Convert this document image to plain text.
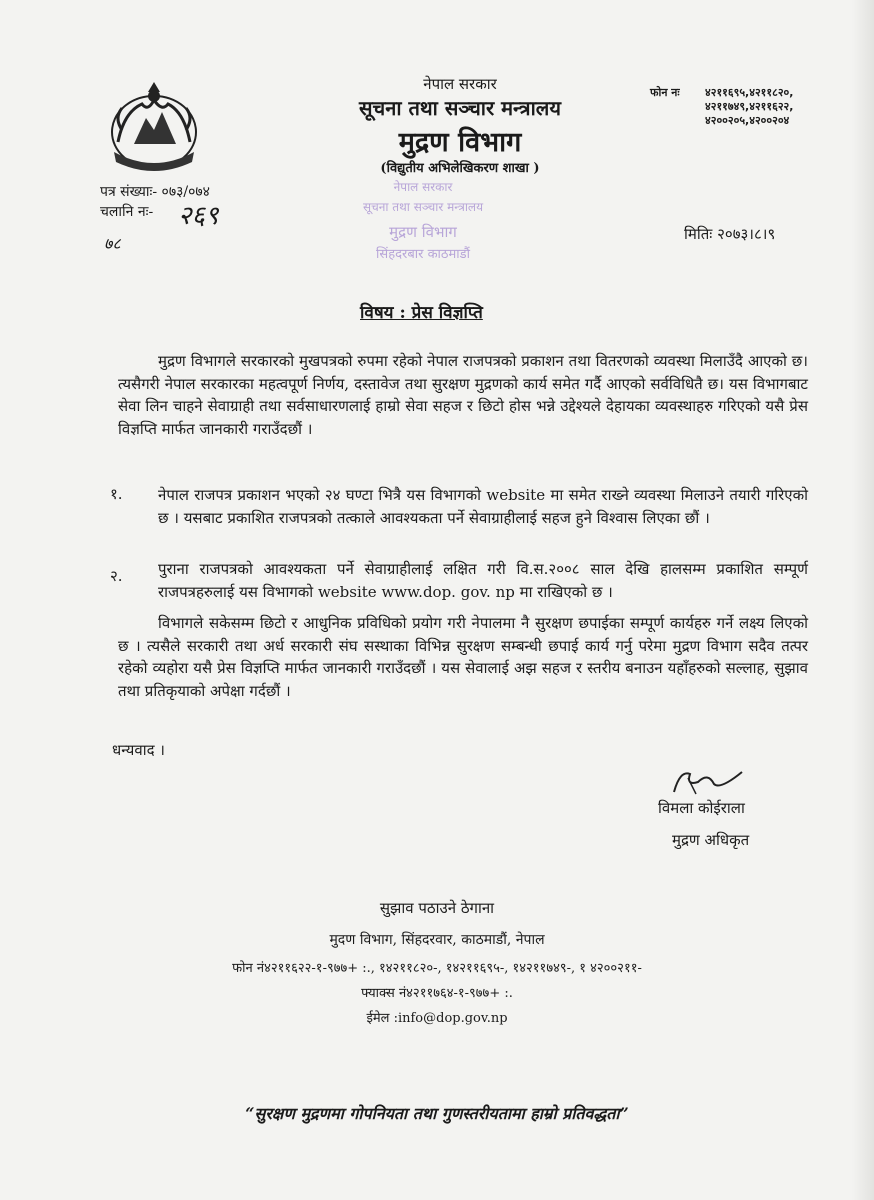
नेपाल सरकार
सूचना तथा सञ्चार मन्त्रालय
मुद्रण विभाग
(विद्युतीय अभिलेखिकरण शाखा )
फोन नः ४२११६९५,४२११८२०,
४२११७४९,४२११६२२,
४२००२०५,४२००२०४
पत्र संख्याः- ०७३/०७४
चलानि नः- २६९
७८
नेपाल सरकार
सूचना तथा सञ्चार मन्त्रालय
मुद्रण विभाग
सिंहदरबार काठमाडौं
मितिः २०७३।८।९
विषय : प्रेस विज्ञप्ति
मुद्रण विभागले सरकारको मुखपत्रको रुपमा रहेको नेपाल राजपत्रको प्रकाशन तथा वितरणको व्यवस्था मिलाउँदै आएको छ। त्यसैगरी नेपाल सरकारका महत्वपूर्ण निर्णय, दस्तावेज तथा सुरक्षण मुद्रणको कार्य समेत गर्दै आएको सर्वविधितै छ। यस विभागबाट सेवा लिन चाहने सेवाग्राही तथा सर्वसाधारणलाई हाम्रो सेवा सहज र छिटो होस भन्ने उद्देश्यले देहायका व्यवस्थाहरु गरिएको यसै प्रेस विज्ञप्ति मार्फत जानकारी गराउँदछौं ।
१. नेपाल राजपत्र प्रकाशन भएको २४ घण्टा भित्रै यस विभागको website मा समेत राख्ने व्यवस्था मिलाउने तयारी गरिएको छ । यसबाट प्रकाशित राजपत्रको तत्काले आवश्यकता पर्ने सेवाग्राहीलाई सहज हुने विश्वास लिएका छौं ।
२. पुराना राजपत्रको आवश्यकता पर्ने सेवाग्राहीलाई लक्षित गरी वि.स.२००८ साल देखि हालसम्म प्रकाशित सम्पूर्ण राजपत्रहरुलाई यस विभागको website www.dop. gov. np मा राखिएको छ ।
विभागले सकेसम्म छिटो र आधुनिक प्रविधिको प्रयोग गरी नेपालमा नै सुरक्षण छपाईका सम्पूर्ण कार्यहरु गर्ने लक्ष्य लिएको छ । त्यसैले सरकारी तथा अर्ध सरकारी संघ सस्थाका विभिन्न सुरक्षण सम्बन्धी छपाई कार्य गर्नु परेमा मुद्रण विभाग सदैव तत्पर रहेको व्यहोरा यसै प्रेस विज्ञप्ति मार्फत जानकारी गराउँदछौं । यस सेवालाई अझ सहज र स्तरीय बनाउन यहाँहरुको सल्लाह, सुझाव तथा प्रतिकृयाको अपेक्षा गर्दछौं ।
धन्यवाद ।
विमला कोईराला
मुद्रण अधिकृत
सुझाव पठाउने ठेगाना
मुदण विभाग, सिंहदरवार, काठमाडौं, नेपाल
फोन नं४२११६२२-१-९७७+ :., १४२११८२०-, १४२११६९५-, १४२११७४९-, १ ४२००२११-
फ्याक्स नं४२११७६४-१-९७७+ :.
ईमेल :info@dop.gov.np
“सुरक्षण मुद्रणमा गोपनियता तथा गुणस्तरीयतामा हाम्रो प्रतिवद्धता”
